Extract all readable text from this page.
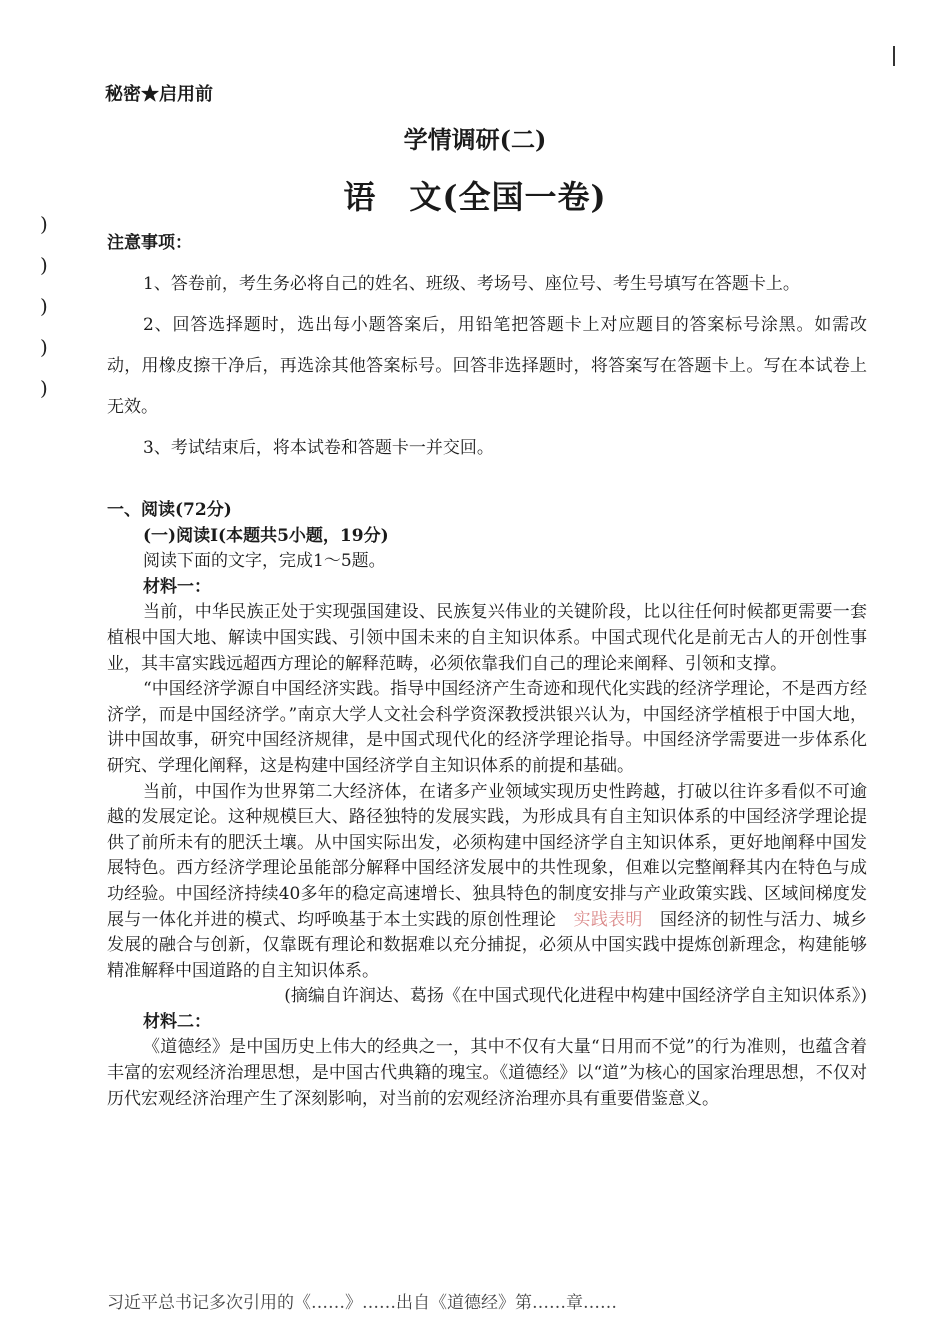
秘密★启用前
学情调研(二)
语　文(全国一卷)
)
)
)
)
)
注意事项：

1、答卷前，考生务必将自己的姓名、班级、考场号、座位号、考生号填写在答题卡上。

2、回答选择题时，选出每小题答案后，用铅笔把答题卡上对应题目的答案标号涂黑。如需改动，用橡皮擦干净后，再选涂其他答案标号。回答非选择题时，将答案写在答题卡上。写在本试卷上无效。

3、考试结束后，将本试卷和答题卡一并交回。

一、阅读(72分)

(一)阅读Ⅰ(本题共5小题，19分)

阅读下面的文字，完成1～5题。

材料一：

当前，中华民族正处于实现强国建设、民族复兴伟业的关键阶段，比以往任何时候都更需要一套植根中国大地、解读中国实践、引领中国未来的自主知识体系。中国式现代化是前无古人的开创性事业，其丰富实践远超西方理论的解释范畴，必须依靠我们自己的理论来阐释、引领和支撑。

“中国经济学源自中国经济实践。指导中国经济产生奇迹和现代化实践的经济学理论，不是西方经济学，而是中国经济学。”南京大学人文社会科学资深教授洪银兴认为，中国经济学植根于中国大地，讲中国故事，研究中国经济规律，是中国式现代化的经济学理论指导。中国经济学需要进一步体系化研究、学理化阐释，这是构建中国经济学自主知识体系的前提和基础。

当前，中国作为世界第二大经济体，在诸多产业领域实现历史性跨越，打破以往许多看似不可逾越的发展定论。这种规模巨大、路径独特的发展实践，为形成具有自主知识体系的中国经济学理论提供了前所未有的肥沃土壤。从中国实际出发，必须构建中国经济学自主知识体系，更好地阐释中国发展特色。西方经济学理论虽能部分解释中国经济发展中的共性现象，但难以完整阐释其内在特色与成功经验。中国经济持续40多年的稳定高速增长、独具特色的制度安排与产业政策实践、区域间梯度发展与一体化并进的模式、均呼唤基于本土实践的原创性理论　实践表明　国经济的韧性与活力、城乡发展的融合与创新，仅靠既有理论和数据难以充分捕捉，必须从中国实践中提炼创新理念，构建能够精准解释中国道路的自主知识体系。

(摘编自许润达、葛扬《在中国式现代化进程中构建中国经济学自主知识体系》)

材料二：

《道德经》是中国历史上伟大的经典之一，其中不仅有大量“日用而不觉”的行为准则，也蕴含着丰富的宏观经济治理思想，是中国古代典籍的瑰宝。《道德经》以“道”为核心的国家治理思想，不仅对历代宏观经济治理产生了深刻影响，对当前的宏观经济治理亦具有重要借鉴意义。

习近平总书记多次引用的《……》……出自《道德经》第……章……
